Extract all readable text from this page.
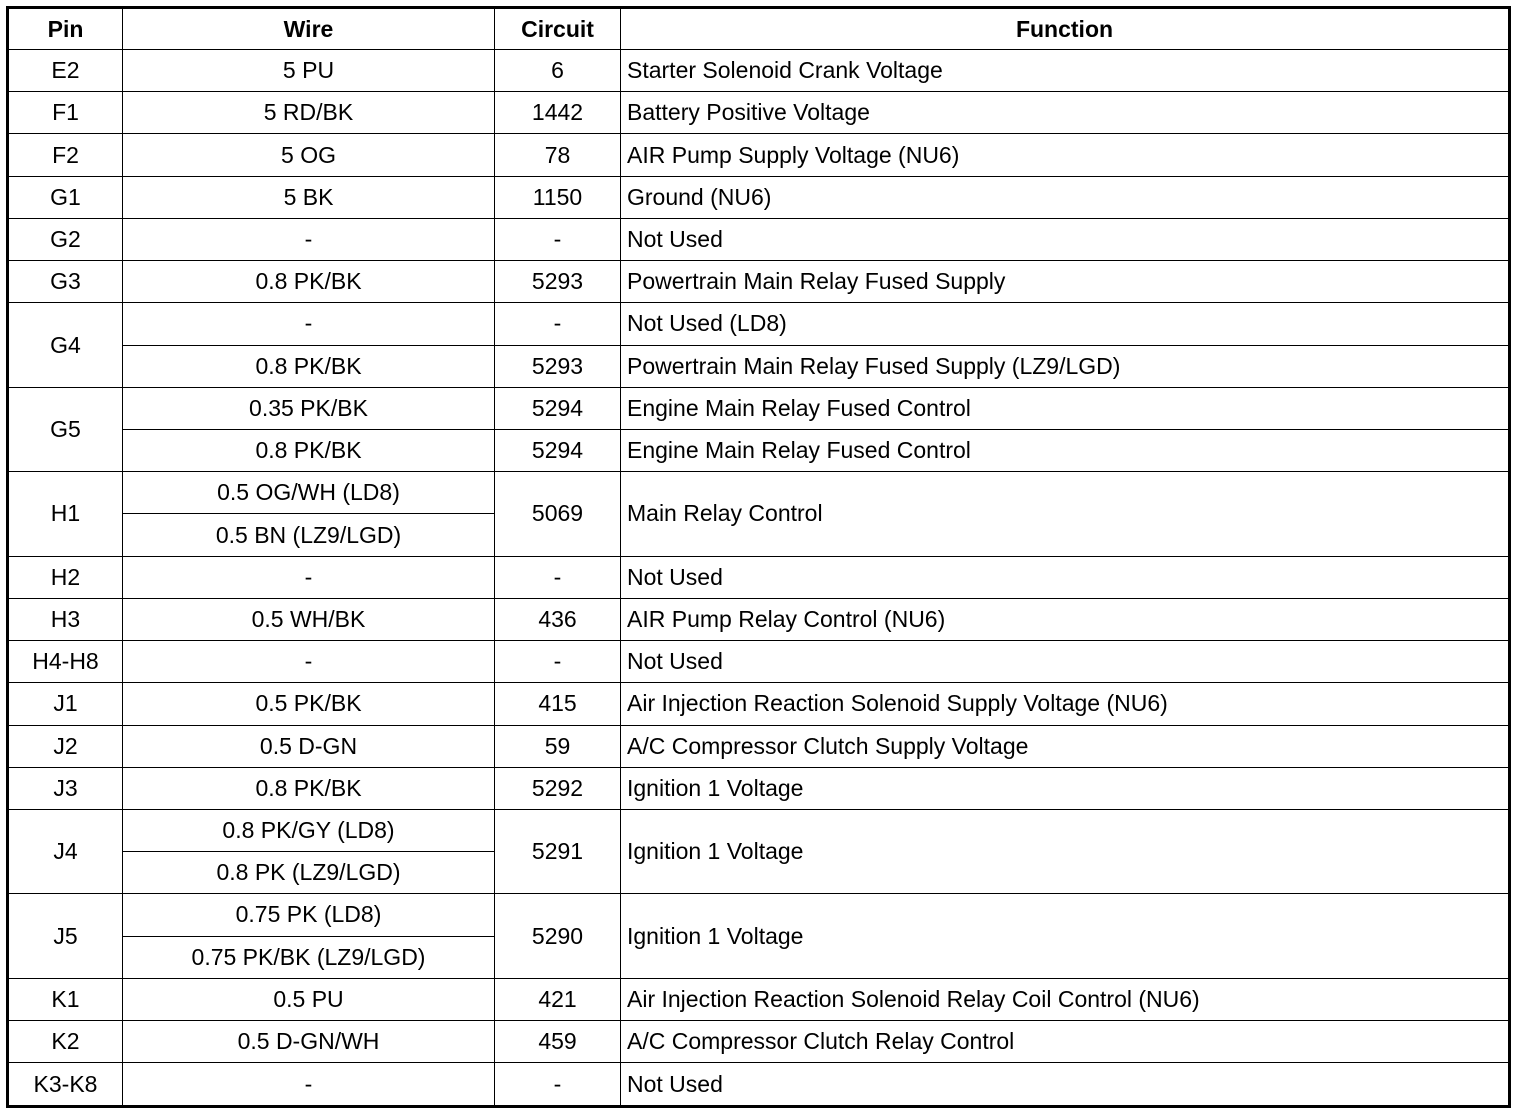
Pin	Wire	Circuit	Function
E2	5 PU	6	Starter Solenoid Crank Voltage
F1	5 RD/BK	1442	Battery Positive Voltage
F2	5 OG	78	AIR Pump Supply Voltage (NU6)
G1	5 BK	1150	Ground (NU6)
G2	-	-	Not Used
G3	0.8 PK/BK	5293	Powertrain Main Relay Fused Supply
G4	-	-	Not Used (LD8)
	0.8 PK/BK	5293	Powertrain Main Relay Fused Supply (LZ9/LGD)
G5	0.35 PK/BK	5294	Engine Main Relay Fused Control
	0.8 PK/BK	5294	Engine Main Relay Fused Control
H1	0.5 OG/WH (LD8)	5069	Main Relay Control
	0.5 BN (LZ9/LGD)		
H2	-	-	Not Used
H3	0.5 WH/BK	436	AIR Pump Relay Control (NU6)
H4-H8	-	-	Not Used
J1	0.5 PK/BK	415	Air Injection Reaction Solenoid Supply Voltage (NU6)
J2	0.5 D-GN	59	A/C Compressor Clutch Supply Voltage
J3	0.8 PK/BK	5292	Ignition 1 Voltage
J4	0.8 PK/GY (LD8)	5291	Ignition 1 Voltage
	0.8 PK (LZ9/LGD)		
J5	0.75 PK (LD8)	5290	Ignition 1 Voltage
	0.75 PK/BK (LZ9/LGD)		
K1	0.5 PU	421	Air Injection Reaction Solenoid Relay Coil Control (NU6)
K2	0.5 D-GN/WH	459	A/C Compressor Clutch Relay Control
K3-K8	-	-	Not Used
